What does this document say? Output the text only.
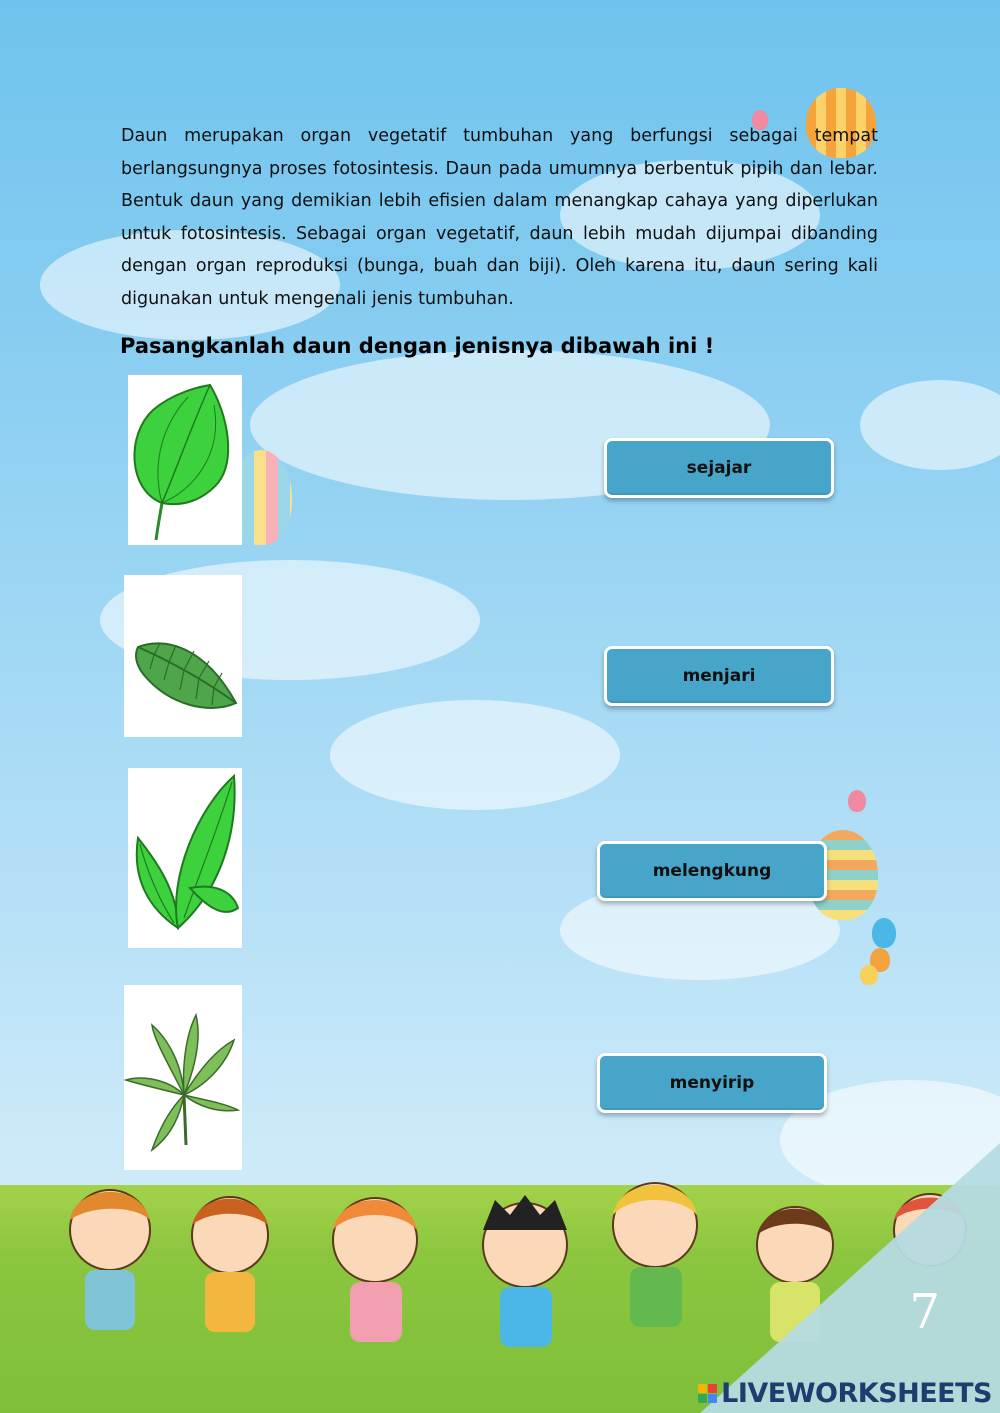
Daun merupakan organ vegetatif tumbuhan yang berfungsi sebagai tempat berlangsungnya proses fotosintesis. Daun pada umumnya berbentuk pipih dan lebar. Bentuk daun yang demikian lebih efisien dalam menangkap cahaya yang diperlukan untuk fotosintesis. Sebagai organ vegetatif, daun lebih mudah dijumpai dibanding dengan organ reproduksi (bunga, buah dan biji). Oleh karena itu, daun sering kali digunakan untuk mengenali jenis tumbuhan.
Pasangkanlah daun dengan jenisnya dibawah ini !
sejajar
menjari
melengkung
menyirip
7
LIVEWORKSHEETS
